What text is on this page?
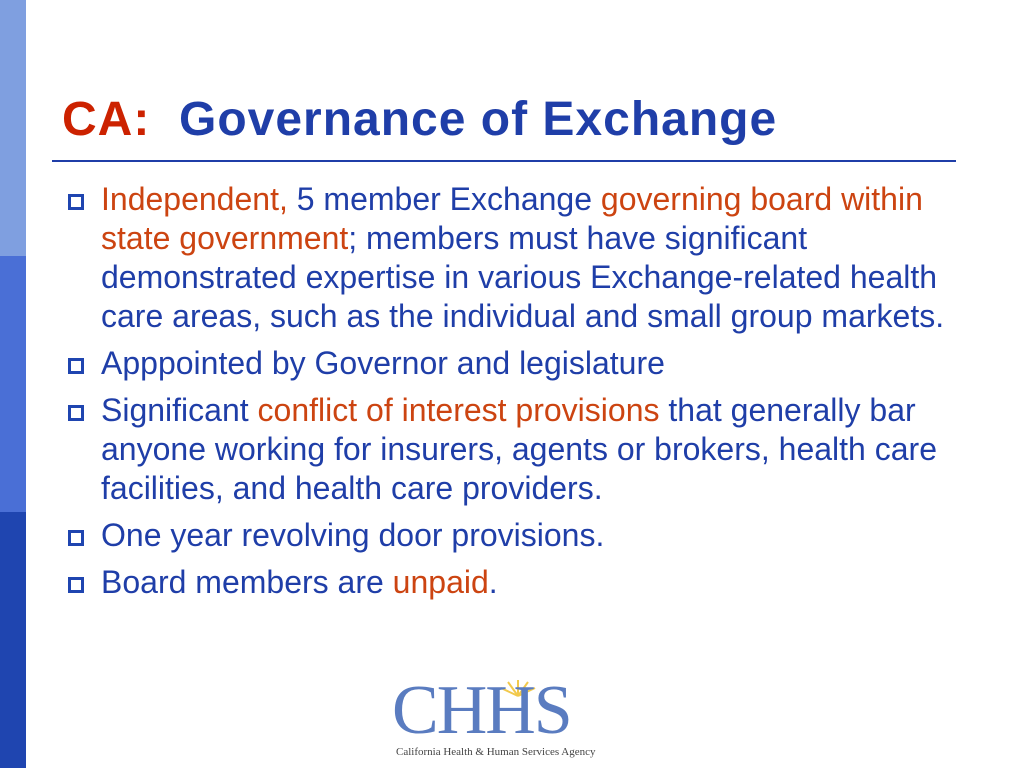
CA: Governance of Exchange
Independent, 5 member Exchange governing board within state government; members must have significant demonstrated expertise in various Exchange-related health care areas, such as the individual and small group markets.
Apppointed by Governor and legislature
Significant conflict of interest provisions that generally bar anyone working for insurers, agents or brokers, health care facilities, and health care providers.
One year revolving door provisions.
Board members are unpaid.
CHHS
California Health & Human Services Agency
